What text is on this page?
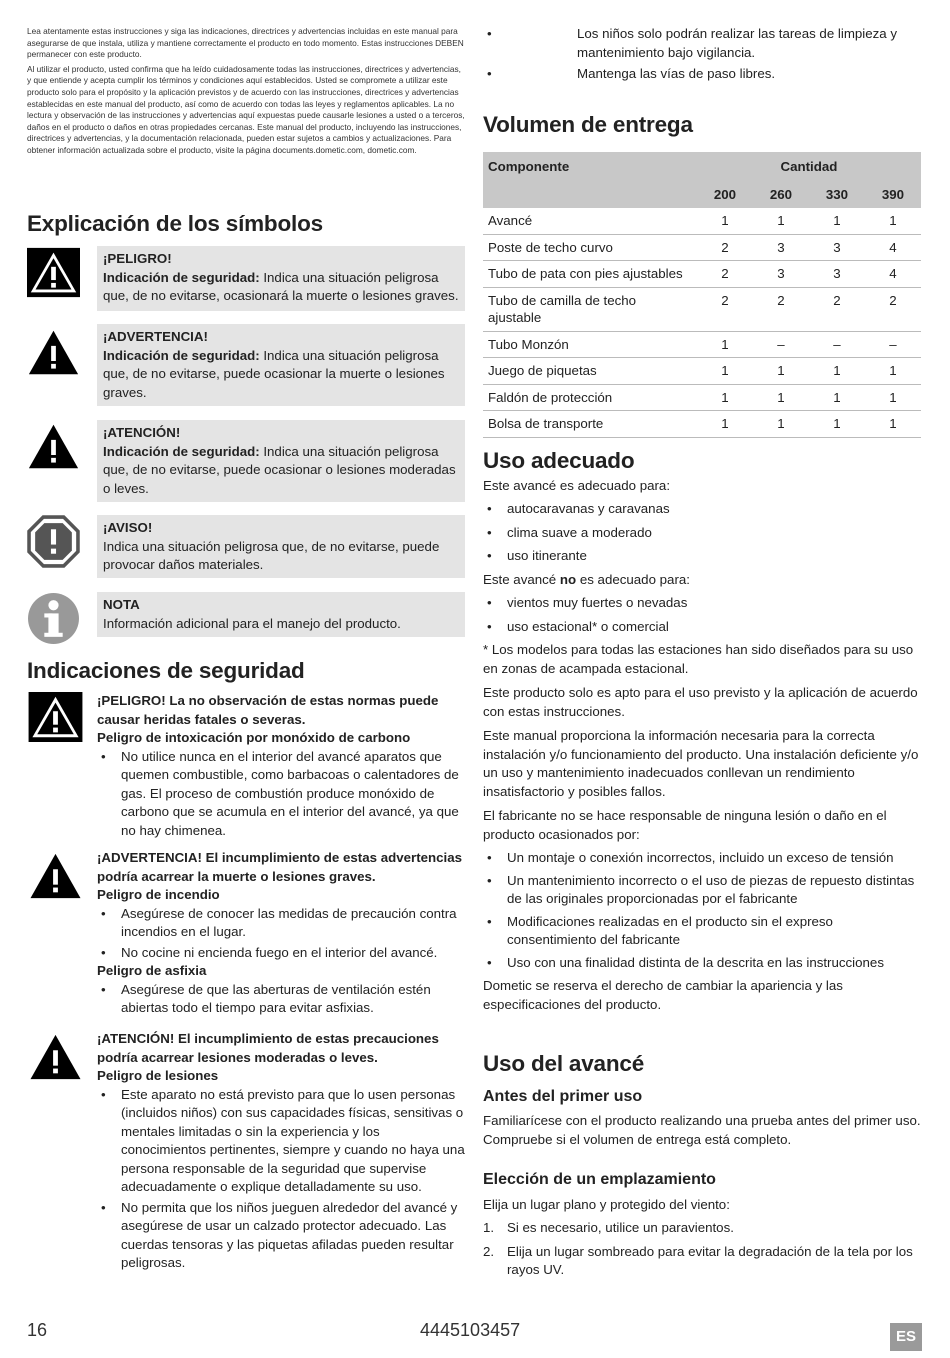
Lea atentamente estas instrucciones y siga las indicaciones, directrices y advertencias incluidas en este manual para asegurarse de que instala, utiliza y mantiene correctamente el producto en todo momento. Estas instrucciones DEBEN permanecer con este producto.

Al utilizar el producto, usted confirma que ha leído cuidadosamente todas las instrucciones, directrices y advertencias, y que entiende y acepta cumplir los términos y condiciones aquí establecidos. Usted se compromete a utilizar este producto solo para el propósito y la aplicación previstos y de acuerdo con las instrucciones, directrices y advertencias establecidas en este manual del producto, así como de acuerdo con todas las leyes y reglamentos aplicables. La no lectura y observación de las instrucciones y advertencias aquí expuestas puede causarle lesiones a usted o a terceros, daños en el producto o daños en otras propiedades cercanas. Este manual del producto, incluyendo las instrucciones, directrices y advertencias, y la documentación relacionada, pueden estar sujetos a cambios y actualizaciones. Para obtener información actualizada sobre el producto, visite la página documents.dometic.com, dometic.com.

Explicación de los símbolos
¡PELIGRO!
Indicación de seguridad: Indica una situación peligrosa que, de no evitarse, ocasionará la muerte o lesiones graves.
¡ADVERTENCIA!
Indicación de seguridad: Indica una situación peligrosa que, de no evitarse, puede ocasionar la muerte o lesiones graves.
¡ATENCIÓN!
Indicación de seguridad: Indica una situación peligrosa que, de no evitarse, puede ocasionar o lesiones moderadas o leves.
¡AVISO!
Indica una situación peligrosa que, de no evitarse, puede provocar daños materiales.
NOTA
Información adicional para el manejo del producto.
Indicaciones de seguridad
¡PELIGRO! La no observación de estas normas puede causar heridas fatales o severas.
Peligro de intoxicación por monóxido de carbono
• No utilice nunca en el interior del avancé aparatos que quemen combustible, como barbacoas o calentadores de gas. El proceso de combustión produce monóxido de carbono que se acumula en el interior del avancé, ya que no hay chimenea.
¡ADVERTENCIA! El incumplimiento de estas advertencias podría acarrear la muerte o lesiones graves.
Peligro de incendio
• Asegúrese de conocer las medidas de precaución contra incendios en el lugar.
• No cocine ni encienda fuego en el interior del avancé.
Peligro de asfixia
• Asegúrese de que las aberturas de ventilación estén abiertas todo el tiempo para evitar asfixias.
¡ATENCIÓN! El incumplimiento de estas precauciones podría acarrear lesiones moderadas o leves.
Peligro de lesiones
• Este aparato no está previsto para que lo usen personas (incluidos niños) con sus capacidades físicas, sensitivas o mentales limitadas o sin la experiencia y los conocimientos pertinentes, siempre y cuando no haya una persona responsable de la seguridad que supervise adecuadamente o explique detalladamente su uso.
• No permita que los niños jueguen alrededor del avancé y asegúrese de usar un calzado protector adecuado. Las cuerdas tensoras y las piquetas afiladas pueden resultar peligrosas.
• Los niños solo podrán realizar las tareas de limpieza y mantenimiento bajo vigilancia.
• Mantenga las vías de paso libres.
Volumen de entrega
Componente	Cantidad			
	200	260	330	390
Avancé	1	1	1	1
Poste de techo curvo	2	3	3	4
Tubo de pata con pies ajustables	2	3	3	4
Tubo de camilla de techo ajustable	2	2	2	2
Tubo Monzón	1	–	–	–
Juego de piquetas	1	1	1	1
Faldón de protección	1	1	1	1
Bolsa de transporte	1	1	1	1
Uso adecuado
Este avancé es adecuado para:
• autocaravanas y caravanas
• clima suave a moderado
• uso itinerante
Este avancé no es adecuado para:
• vientos muy fuertes o nevadas
• uso estacional* o comercial
* Los modelos para todas las estaciones han sido diseñados para su uso en zonas de acampada estacional.
Este producto solo es apto para el uso previsto y la aplicación de acuerdo con estas instrucciones.
Este manual proporciona la información necesaria para la correcta instalación y/o funcionamiento del producto. Una instalación deficiente y/o un uso y mantenimiento inadecuados conllevan un rendimiento insatisfactorio y posibles fallos.
El fabricante no se hace responsable de ninguna lesión o daño en el producto ocasionados por:
• Un montaje o conexión incorrectos, incluido un exceso de tensión
• Un mantenimiento incorrecto o el uso de piezas de repuesto distintas de las originales proporcionadas por el fabricante
• Modificaciones realizadas en el producto sin el expreso consentimiento del fabricante
• Uso con una finalidad distinta de la descrita en las instrucciones
Dometic se reserva el derecho de cambiar la apariencia y las especificaciones del producto.
Uso del avancé
Antes del primer uso
Familiarícese con el producto realizando una prueba antes del primer uso. Compruebe si el volumen de entrega está completo.
Elección de un emplazamiento
Elija un lugar plano y protegido del viento:
1. Si es necesario, utilice un paravientos.
2. Elija un lugar sombreado para evitar la degradación de la tela por los rayos UV.
16	4445103457	ES
